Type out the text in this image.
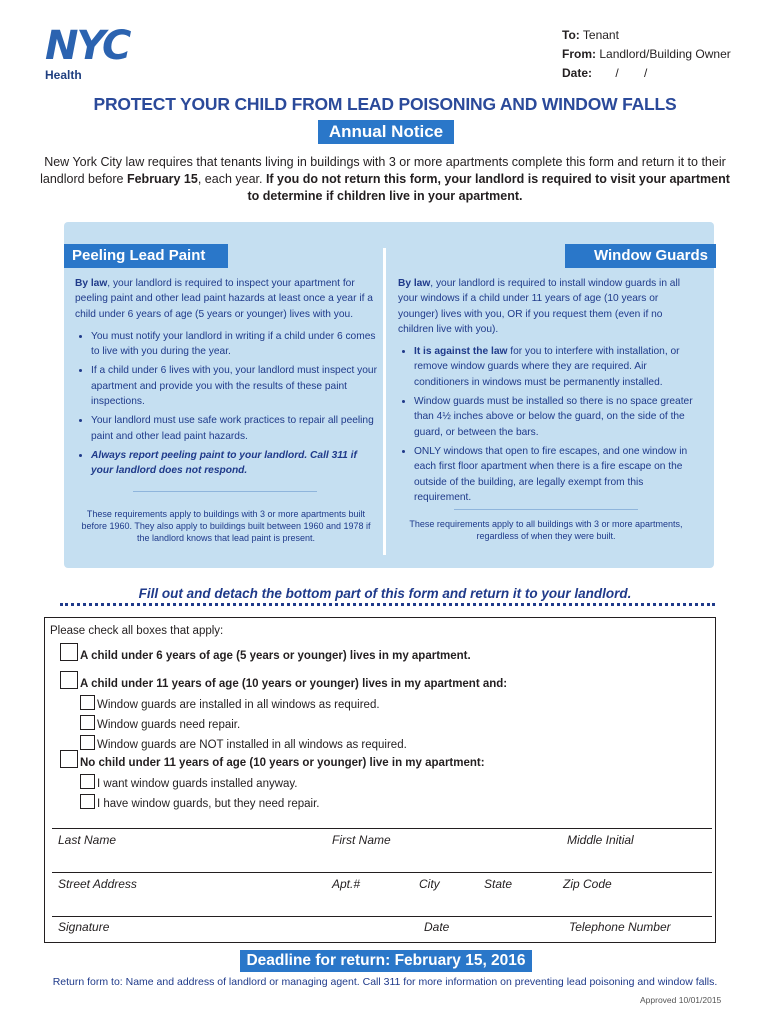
NYC
Health
To: Tenant
From: Landlord/Building Owner
Date: / /
PROTECT YOUR CHILD FROM LEAD POISONING AND WINDOW FALLS
Annual Notice
New York City law requires that tenants living in buildings with 3 or more apartments complete this form and return it to their landlord before February 15, each year. If you do not return this form, your landlord is required to visit your apartment to determine if children live in your apartment.
Peeling Lead Paint	Window Guards
By law, your landlord is required to inspect your apartment for peeling paint and other lead paint hazards at least once a year if a child under 6 years of age (5 years or younger) lives with you.
• You must notify your landlord in writing if a child under 6 comes to live with you during the year.
• If a child under 6 lives with you, your landlord must inspect your apartment and provide you with the results of these paint inspections.
• Your landlord must use safe work practices to repair all peeling paint and other lead paint hazards.
• Always report peeling paint to your landlord. Call 311 if your landlord does not respond.
These requirements apply to buildings with 3 or more apartments built before 1960. They also apply to buildings built between 1960 and 1978 if the landlord knows that lead paint is present.
By law, your landlord is required to install window guards in all your windows if a child under 11 years of age (10 years or younger) lives with you, OR if you request them (even if no children live with you).
• It is against the law for you to interfere with installation, or remove window guards where they are required. Air conditioners in windows must be permanently installed.
• Window guards must be installed so there is no space greater than 4½ inches above or below the guard, on the side of the guard, or between the bars.
• ONLY windows that open to fire escapes, and one window in each first floor apartment when there is a fire escape on the outside of the building, are legally exempt from this requirement.
These requirements apply to all buildings with 3 or more apartments, regardless of when they were built.
Fill out and detach the bottom part of this form and return it to your landlord.
Please check all boxes that apply:
A child under 6 years of age (5 years or younger) lives in my apartment.
A child under 11 years of age (10 years or younger) lives in my apartment and:
Window guards are installed in all windows as required.
Window guards need repair.
Window guards are NOT installed in all windows as required.
No child under 11 years of age (10 years or younger) live in my apartment:
I want window guards installed anyway.
I have window guards, but they need repair.
Last Name	First Name	Middle Initial
Street Address	Apt.#	City	State	Zip Code
Signature	Date	Telephone Number
Deadline for return: February 15, 2016
Return form to: Name and address of landlord or managing agent. Call 311 for more information on preventing lead poisoning and window falls.
Approved 10/01/2015
